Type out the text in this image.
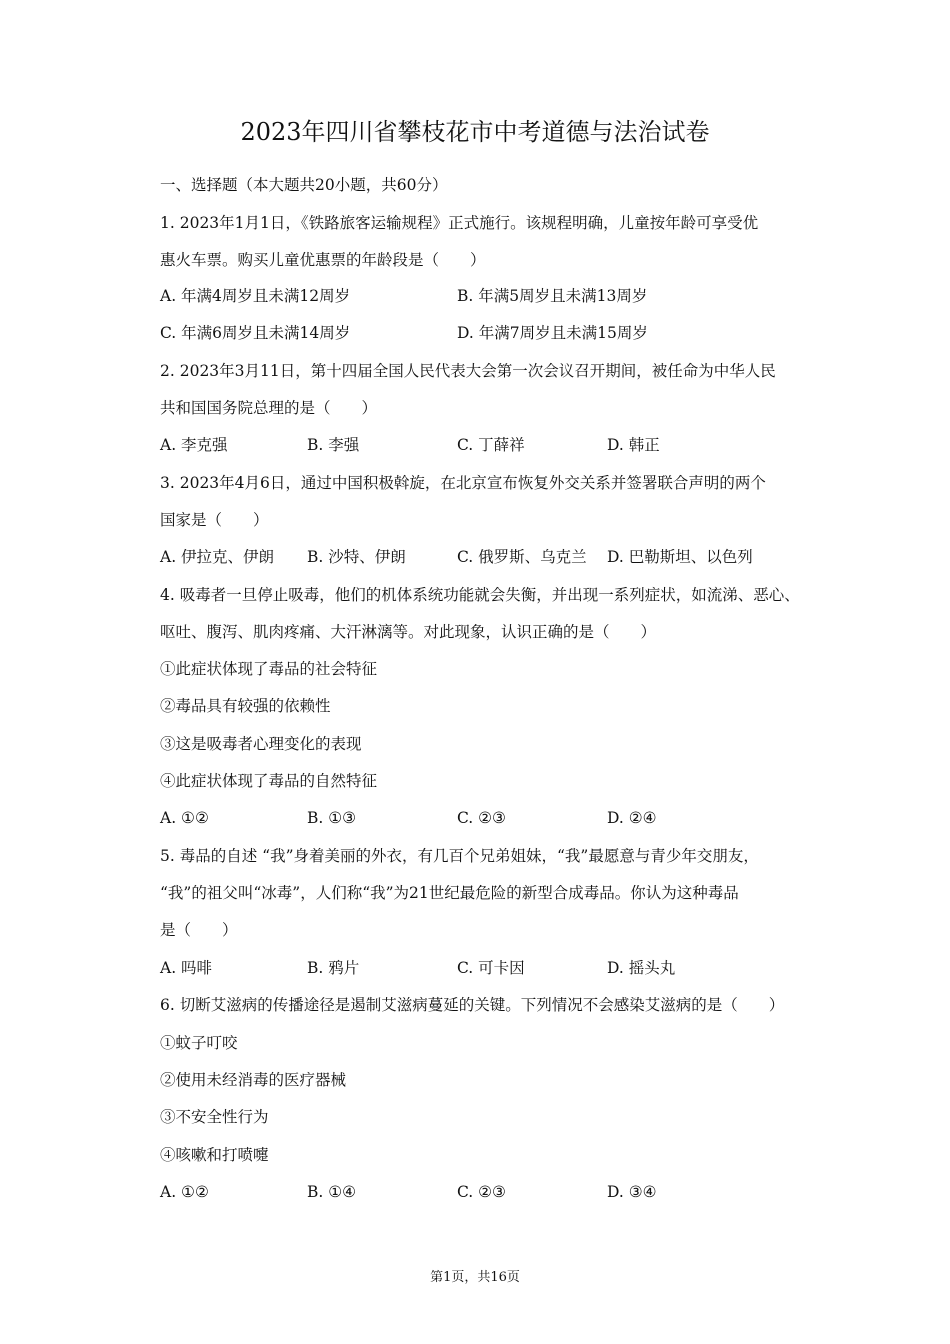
2023年四川省攀枝花市中考道德与法治试卷
一、选择题（本大题共20小题，共60分）
1. 2023年1月1日，《铁路旅客运输规程》正式施行。该规程明确，儿童按年龄可享受优
惠火车票。购买儿童优惠票的年龄段是（　　）
A. 年满4周岁且未满12周岁	B. 年满5周岁且未满13周岁
C. 年满6周岁且未满14周岁	D. 年满7周岁且未满15周岁
2. 2023年3月11日，第十四届全国人民代表大会第一次会议召开期间，被任命为中华人民
共和国国务院总理的是（　　）
A. 李克强	B. 李强	C. 丁薛祥	D. 韩正
3. 2023年4月6日，通过中国积极斡旋，在北京宣布恢复外交关系并签署联合声明的两个
国家是（　　）
A. 伊拉克、伊朗 B. 沙特、伊朗	C. 俄罗斯、乌克兰 D. 巴勒斯坦、以色列
4. 吸毒者一旦停止吸毒，他们的机体系统功能就会失衡，并出现一系列症状，如流涕、恶心、
呕吐、腹泻、肌肉疼痛、大汗淋漓等。对此现象，认识正确的是（　　）
①此症状体现了毒品的社会特征
②毒品具有较强的依赖性
③这是吸毒者心理变化的表现
④此症状体现了毒品的自然特征
A. ①②	B. ①③	C. ②③	D. ②④
5. 毒品的自述 “我”身着美丽的外衣，有几百个兄弟姐妹，“我”最愿意与青少年交朋友，
“我”的祖父叫“冰毒”，人们称“我”为21世纪最危险的新型合成毒品。你认为这种毒品
是（　　）
A. 吗啡	B. 鸦片	C. 可卡因	D. 摇头丸
6. 切断艾滋病的传播途径是遏制艾滋病蔓延的关键。下列情况不会感染艾滋病的是（　　）
①蚊子叮咬
②使用未经消毒的医疗器械
③不安全性行为
④咳嗽和打喷嚏
A. ①②	B. ①④	C. ②③	D. ③④
第1页，共16页
